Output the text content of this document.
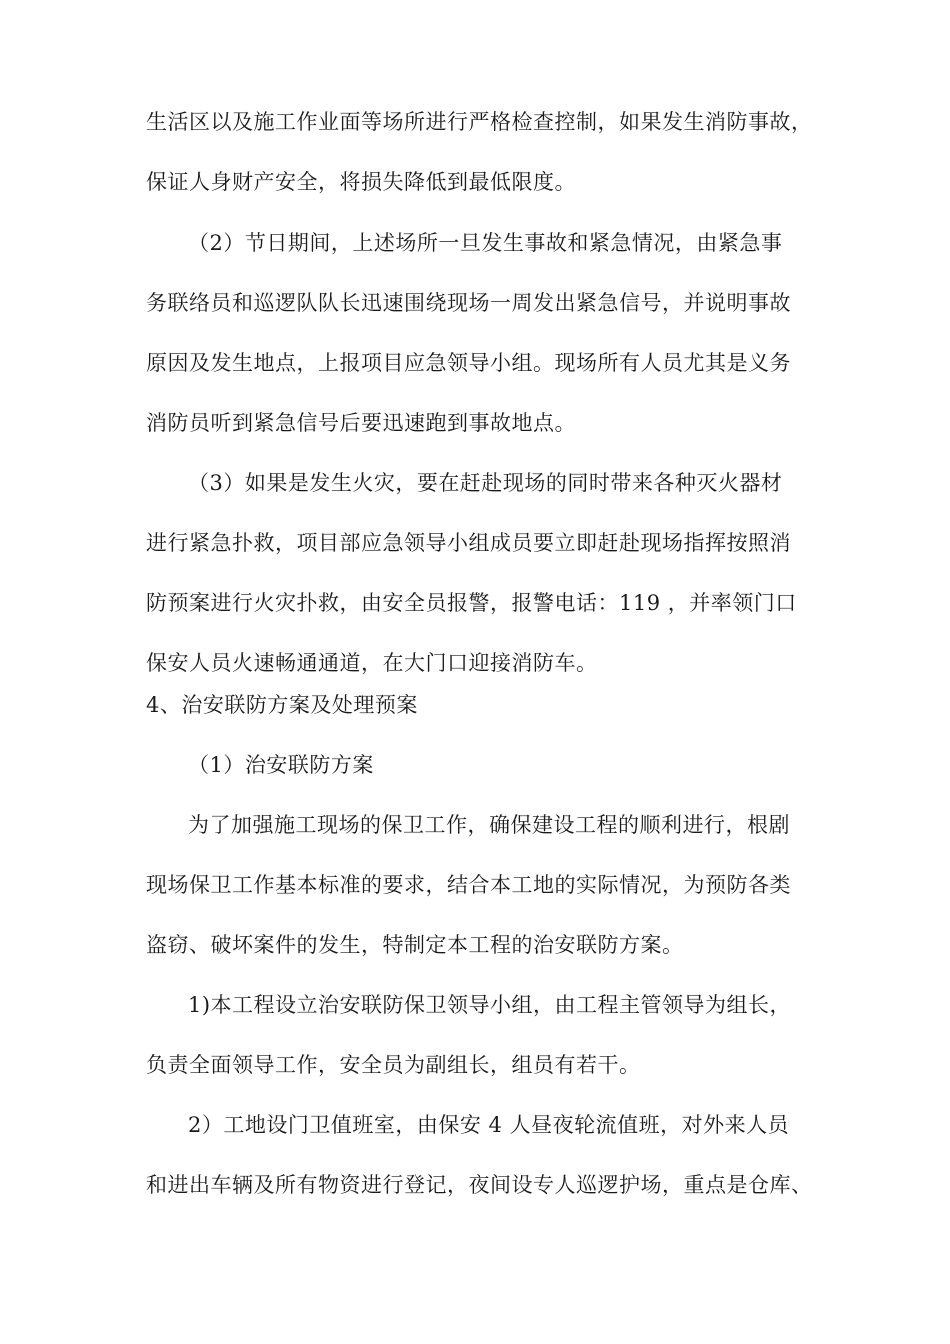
生活区以及施工作业面等场所进行严格检查控制，如果发生消防事故，
保证人身财产安全，将损失降低到最低限度。
（2）节日期间，上述场所一旦发生事故和紧急情况，由紧急事
务联络员和巡逻队队长迅速围绕现场一周发出紧急信号，并说明事故
原因及发生地点，上报项目应急领导小组。现场所有人员尤其是义务
消防员听到紧急信号后要迅速跑到事故地点。
（3）如果是发生火灾，要在赶赴现场的同时带来各种灭火器材
进行紧急扑救，项目部应急领导小组成员要立即赶赴现场指挥按照消
防预案进行火灾扑救，由安全员报警，报警电话：119 ，并率领门口
保安人员火速畅通通道，在大门口迎接消防车。
4、治安联防方案及处理预案
（1）治安联防方案
为了加强施工现场的保卫工作，确保建设工程的顺利进行，根剧
现场保卫工作基本标准的要求，结合本工地的实际情况，为预防各类
盗窃、破坏案件的发生，特制定本工程的治安联防方案。
1)本工程设立治安联防保卫领导小组，由工程主管领导为组长，
负责全面领导工作，安全员为副组长，组员有若干。
2）工地设门卫值班室，由保安 4 人昼夜轮流值班，对外来人员
和进出车辆及所有物资进行登记，夜间设专人巡逻护场，重点是仓库、
